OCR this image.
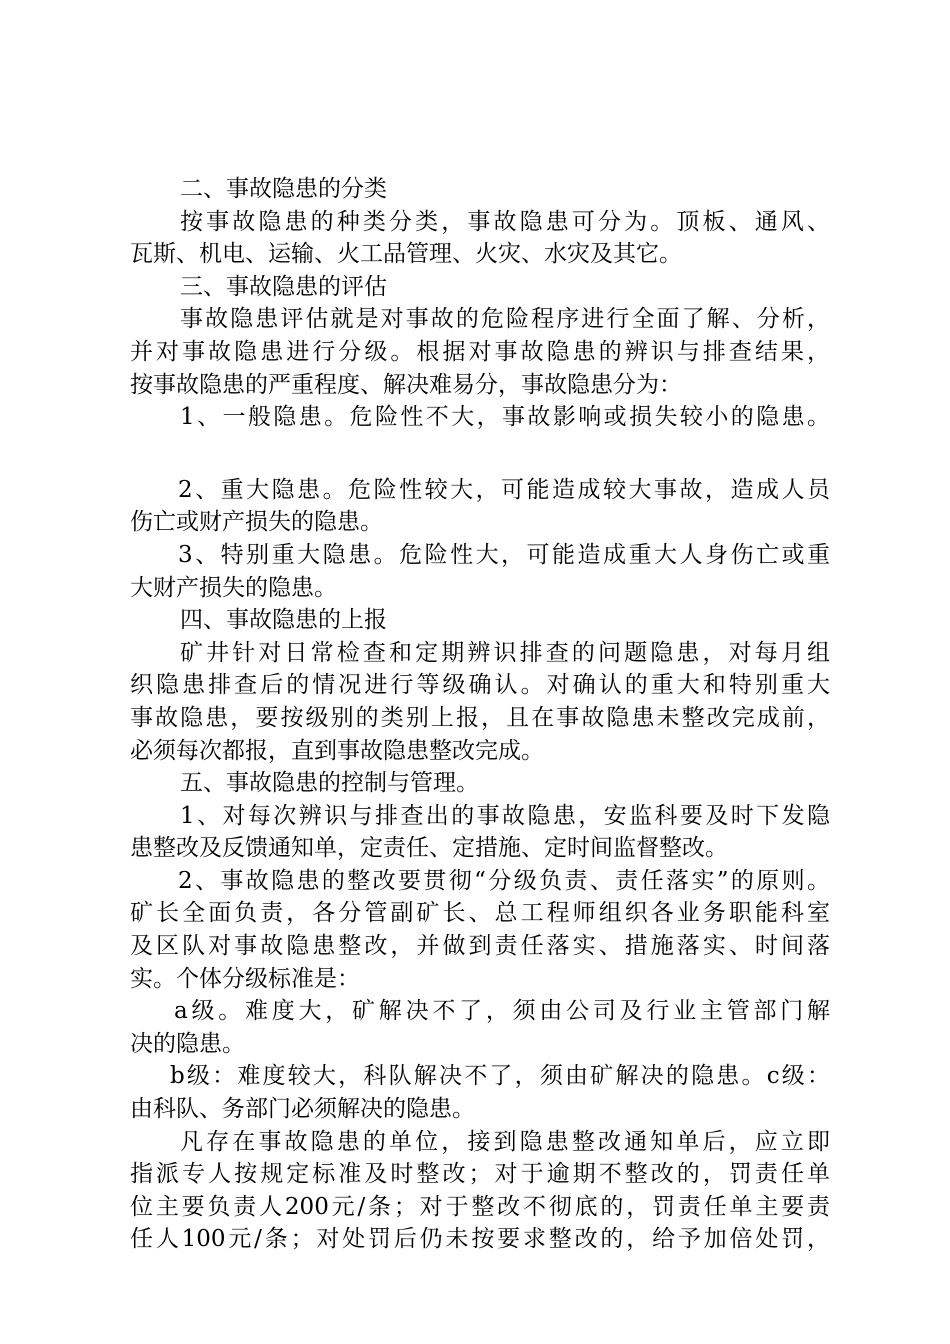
二、事故隐患的分类
按事故隐患的种类分类，事故隐患可分为。顶板、通风、
瓦斯、机电、运输、火工品管理、火灾、水灾及其它。
三、事故隐患的评估
事故隐患评估就是对事故的危险程序进行全面了解、分析，
并对事故隐患进行分级。根据对事故隐患的辨识与排查结果，
按事故隐患的严重程度、解决难易分，事故隐患分为：
1、一般隐患。危险性不大，事故影响或损失较小的隐患。
2、重大隐患。危险性较大，可能造成较大事故，造成人员
伤亡或财产损失的隐患。
3、特别重大隐患。危险性大，可能造成重大人身伤亡或重
大财产损失的隐患。
四、事故隐患的上报
矿井针对日常检查和定期辨识排查的问题隐患，对每月组
织隐患排查后的情况进行等级确认。对确认的重大和特别重大
事故隐患，要按级别的类别上报，且在事故隐患未整改完成前，
必须每次都报，直到事故隐患整改完成。
五、事故隐患的控制与管理。
1、对每次辨识与排查出的事故隐患，安监科要及时下发隐
患整改及反馈通知单，定责任、定措施、定时间监督整改。
2、事故隐患的整改要贯彻“分级负责、责任落实”的原则。
矿长全面负责，各分管副矿长、总工程师组织各业务职能科室
及区队对事故隐患整改，并做到责任落实、措施落实、时间落
实。个体分级标准是：
a级。难度大，矿解决不了，须由公司及行业主管部门解
决的隐患。
b级：难度较大，科队解决不了，须由矿解决的隐患。c级：
由科队、务部门必须解决的隐患。
凡存在事故隐患的单位，接到隐患整改通知单后，应立即
指派专人按规定标准及时整改；对于逾期不整改的，罚责任单
位主要负责人200元/条；对于整改不彻底的，罚责任单主要责
任人100元/条；对处罚后仍未按要求整改的，给予加倍处罚，
